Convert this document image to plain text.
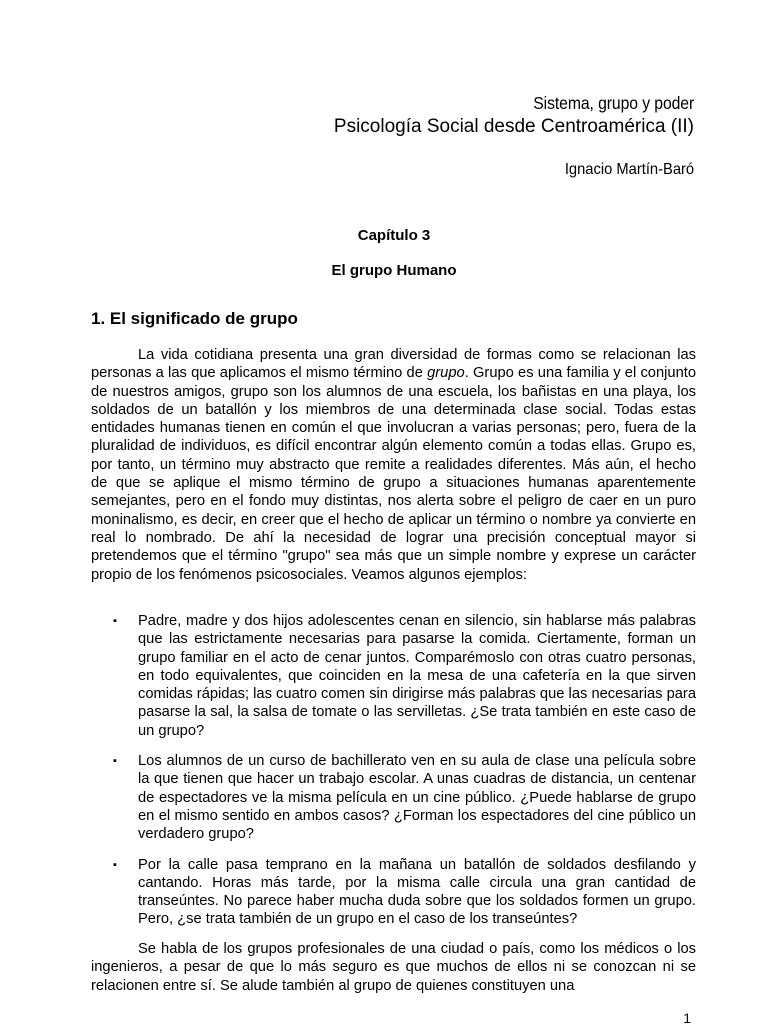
Sistema, grupo y poder
Psicología Social desde Centroamérica (II)
Ignacio Martín-Baró
Capítulo 3
El grupo Humano
1. El significado de grupo

La vida cotidiana presenta una gran diversidad de formas como se relacionan las personas a las que aplicamos el mismo término de grupo. Grupo es una familia y el conjunto de nuestros amigos, grupo son los alumnos de una escuela, los bañistas en una playa, los soldados de un batallón y los miembros de una determinada clase social. Todas estas entidades humanas tienen en común el que involucran a varias personas; pero, fuera de la pluralidad de individuos, es difícil encontrar algún elemento común a todas ellas. Grupo es, por tanto, un término muy abstracto que remite a realidades diferentes. Más aún, el hecho de que se aplique el mismo término de grupo a situaciones humanas aparentemente semejantes, pero en el fondo muy distintas, nos alerta sobre el peligro de caer en un puro moninalismo, es decir, en creer que el hecho de aplicar un término o nombre ya convierte en real lo nombrado. De ahí la necesidad de lograr una precisión conceptual mayor si pretendemos que el término "grupo" sea más que un simple nombre y exprese un carácter propio de los fenómenos psicosociales. Veamos algunos ejemplos:

▪ Padre, madre y dos hijos adolescentes cenan en silencio, sin hablarse más palabras que las estrictamente necesarias para pasarse la comida. Ciertamente, forman un grupo familiar en el acto de cenar juntos. Comparémoslo con otras cuatro personas, en todo equivalentes, que coinciden en la mesa de una cafetería en la que sirven comidas rápidas; las cuatro comen sin dirigirse más palabras que las necesarias para pasarse la sal, la salsa de tomate o las servilletas. ¿Se trata también en este caso de un grupo?
▪ Los alumnos de un curso de bachillerato ven en su aula de clase una película sobre la que tienen que hacer un trabajo escolar. A unas cuadras de distancia, un centenar de espectadores ve la misma película en un cine público. ¿Puede hablarse de grupo en el mismo sentido en ambos casos? ¿Forman los espectadores del cine público un verdadero grupo?
▪ Por la calle pasa temprano en la mañana un batallón de soldados desfilando y cantando. Horas más tarde, por la misma calle circula una gran cantidad de transeúntes. No parece haber mucha duda sobre que los soldados formen un grupo. Pero, ¿se trata también de un grupo en el caso de los transeúntes?

Se habla de los grupos profesionales de una ciudad o país, como los médicos o los ingenieros, a pesar de que lo más seguro es que muchos de ellos ni se conozcan ni se relacionen entre sí. Se alude también al grupo de quienes constituyen una

1
